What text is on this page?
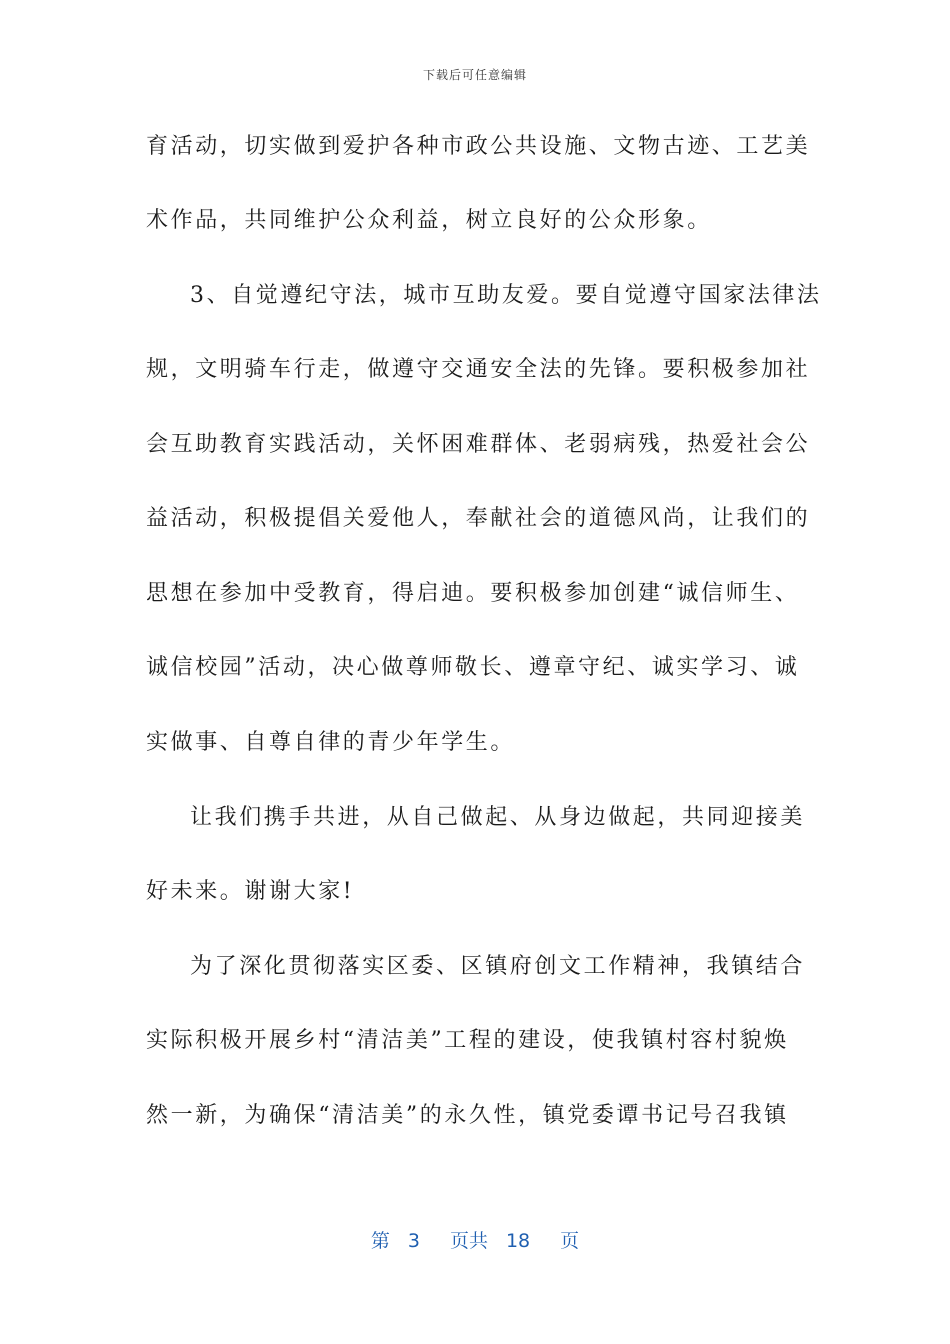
下载后可任意编辑
育活动，切实做到爱护各种市政公共设施、文物古迹、工艺美
术作品，共同维护公众利益，树立良好的公众形象。
3、自觉遵纪守法，城市互助友爱。要自觉遵守国家法律法
规，文明骑车行走，做遵守交通安全法的先锋。要积极参加社
会互助教育实践活动，关怀困难群体、老弱病残，热爱社会公
益活动，积极提倡关爱他人，奉献社会的道德风尚，让我们的
思想在参加中受教育，得启迪。要积极参加创建“诚信师生、
诚信校园”活动，决心做尊师敬长、遵章守纪、诚实学习、诚
实做事、自尊自律的青少年学生。
让我们携手共进，从自己做起、从身边做起，共同迎接美
好未来。谢谢大家!
为了深化贯彻落实区委、区镇府创文工作精神，我镇结合
实际积极开展乡村“清洁美”工程的建设，使我镇村容村貌焕
然一新，为确保“清洁美”的永久性，镇党委谭书记号召我镇
第 3 页共 18 页
